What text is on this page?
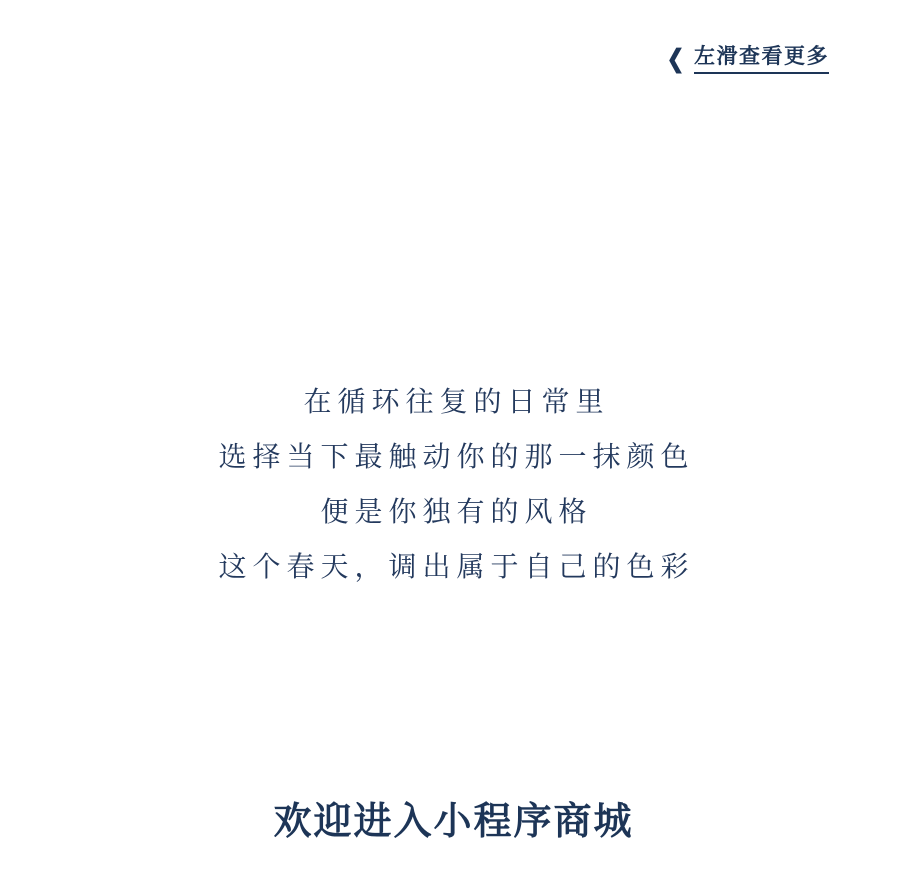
❮ 左滑查看更多
在循环往复的日常里
选择当下最触动你的那一抹颜色
便是你独有的风格
这个春天，调出属于自己的色彩
欢迎进入小程序商城
